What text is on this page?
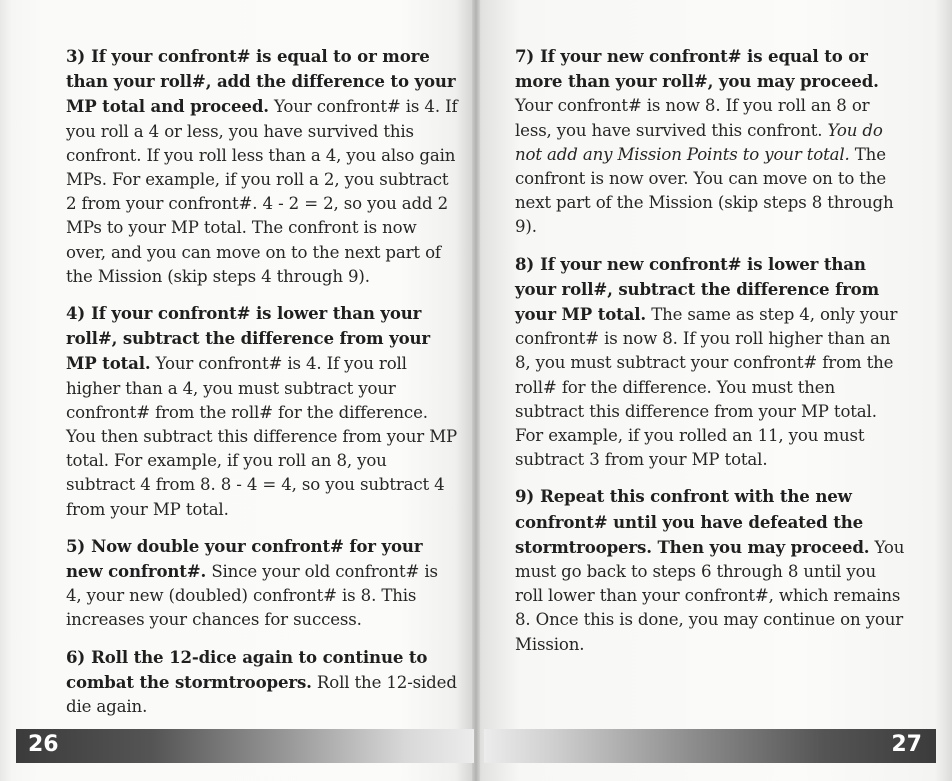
3) If your confront# is equal to or more than your roll#, add the difference to your MP total and proceed. Your confront# is 4. If you roll a 4 or less, you have survived this confront. If you roll less than a 4, you also gain MPs. For example, if you roll a 2, you subtract 2 from your confront#. 4 - 2 = 2, so you add 2 MPs to your MP total. The confront is now over, and you can move on to the next part of the Mission (skip steps 4 through 9).

4) If your confront# is lower than your roll#, subtract the difference from your MP total. Your confront# is 4. If you roll higher than a 4, you must subtract your confront# from the roll# for the difference. You then subtract this difference from your MP total. For example, if you roll an 8, you subtract 4 from 8. 8 - 4 = 4, so you subtract 4 from your MP total.

5) Now double your confront# for your new confront#. Since your old confront# is 4, your new (doubled) confront# is 8. This increases your chances for success.

6) Roll the 12-dice again to continue to combat the stormtroopers. Roll the 12-sided die again.

7) If your new confront# is equal to or more than your roll#, you may proceed. Your confront# is now 8. If you roll an 8 or less, you have survived this confront. You do not add any Mission Points to your total. The confront is now over. You can move on to the next part of the Mission (skip steps 8 through 9).

8) If your new confront# is lower than your roll#, subtract the difference from your MP total. The same as step 4, only your confront# is now 8. If you roll higher than an 8, you must subtract your confront# from the roll# for the difference. You must then subtract this difference from your MP total. For example, if you rolled an 11, you must subtract 3 from your MP total.

9) Repeat this confront with the new confront# until you have defeated the stormtroopers. Then you may proceed. You must go back to steps 6 through 8 until you roll lower than your confront#, which remains 8. Once this is done, you may continue on your Mission.

26	27
